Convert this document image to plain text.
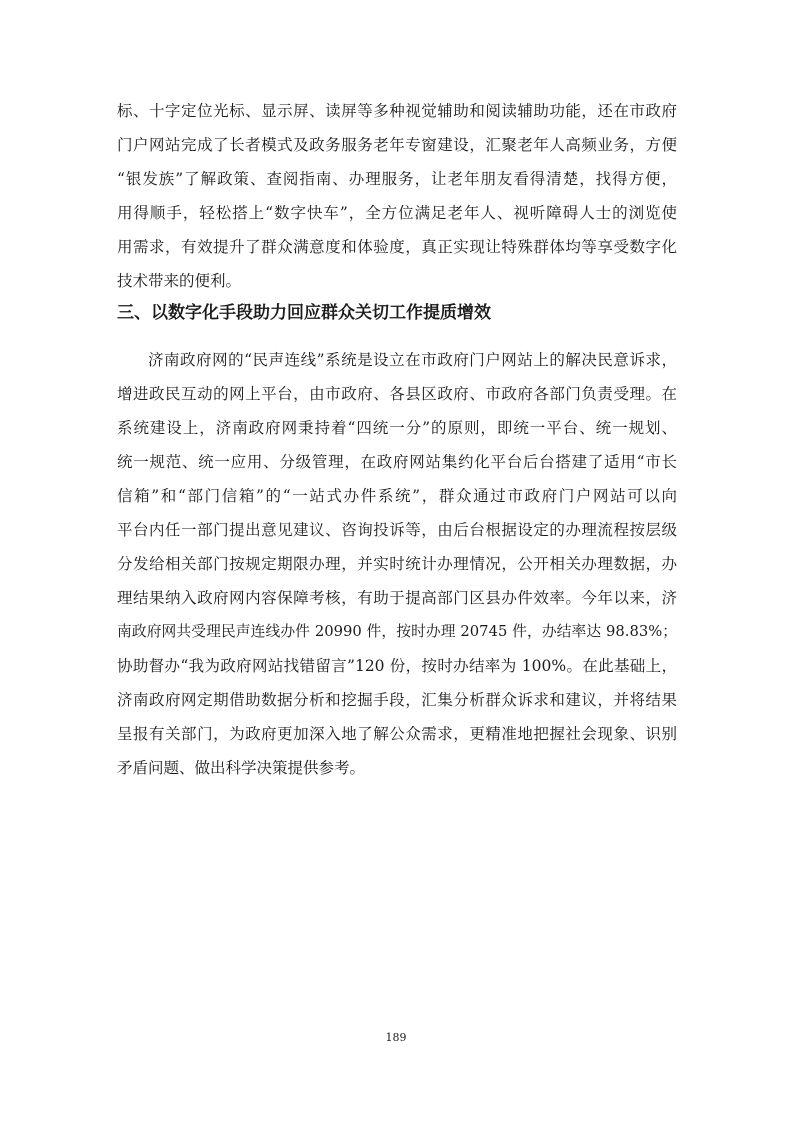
标、十字定位光标、显示屏、读屏等多种视觉辅助和阅读辅助功能，还在市政府
门户网站完成了长者模式及政务服务老年专窗建设，汇聚老年人高频业务，方便
“银发族”了解政策、查阅指南、办理服务，让老年朋友看得清楚，找得方便，
用得顺手，轻松搭上“数字快车”，全方位满足老年人、视听障碍人士的浏览使
用需求，有效提升了群众满意度和体验度，真正实现让特殊群体均等享受数字化
技术带来的便利。
三、以数字化手段助力回应群众关切工作提质增效
济南政府网的“民声连线”系统是设立在市政府门户网站上的解决民意诉求，
增进政民互动的网上平台，由市政府、各县区政府、市政府各部门负责受理。在
系统建设上，济南政府网秉持着“四统一分”的原则，即统一平台、统一规划、
统一规范、统一应用、分级管理，在政府网站集约化平台后台搭建了适用“市长
信箱”和“部门信箱”的“一站式办件系统”，群众通过市政府门户网站可以向
平台内任一部门提出意见建议、咨询投诉等，由后台根据设定的办理流程按层级
分发给相关部门按规定期限办理，并实时统计办理情况，公开相关办理数据，办
理结果纳入政府网内容保障考核，有助于提高部门区县办件效率。今年以来，济
南政府网共受理民声连线办件 20990 件，按时办理 20745 件，办结率达 98.83%；
协助督办“我为政府网站找错留言”120 份，按时办结率为 100%。在此基础上，
济南政府网定期借助数据分析和挖掘手段，汇集分析群众诉求和建议，并将结果
呈报有关部门，为政府更加深入地了解公众需求，更精准地把握社会现象、识别
矛盾问题、做出科学决策提供参考。
189
